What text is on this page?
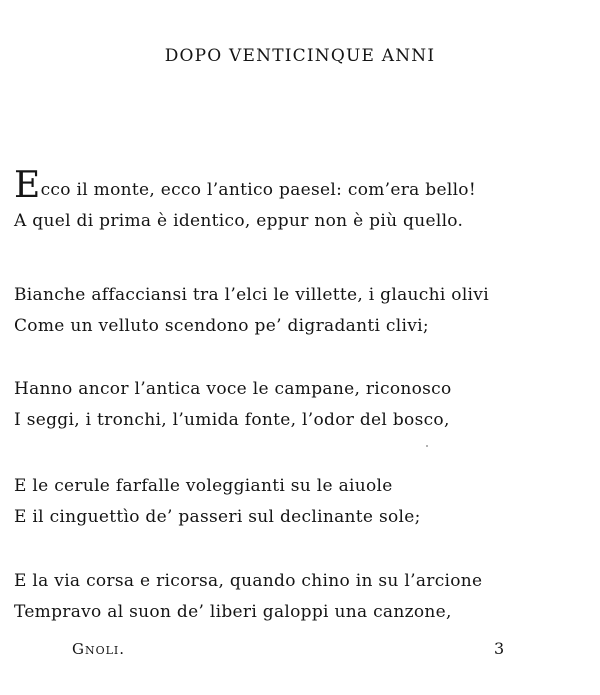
DOPO VENTICINQUE ANNI
Ecco il monte, ecco l’antico paesel: com’era bello!
A quel di prima è identico, eppur non è più quello.
Bianche affacciansi tra l’elci le villette, i glauchi olivi
Come un velluto scendono pe’ digradanti clivi;
Hanno ancor l’antica voce le campane, riconosco
I seggi, i tronchi, l’umida fonte, l’odor del bosco,
E le cerule farfalle voleggianti su le aiuole
E il cinguettìo de’ passeri sul declinante sole;
E la via corsa e ricorsa, quando chino in su l’arcione
Tempravo al suon de’ liberi galoppi una canzone,
Gnoli.	3
